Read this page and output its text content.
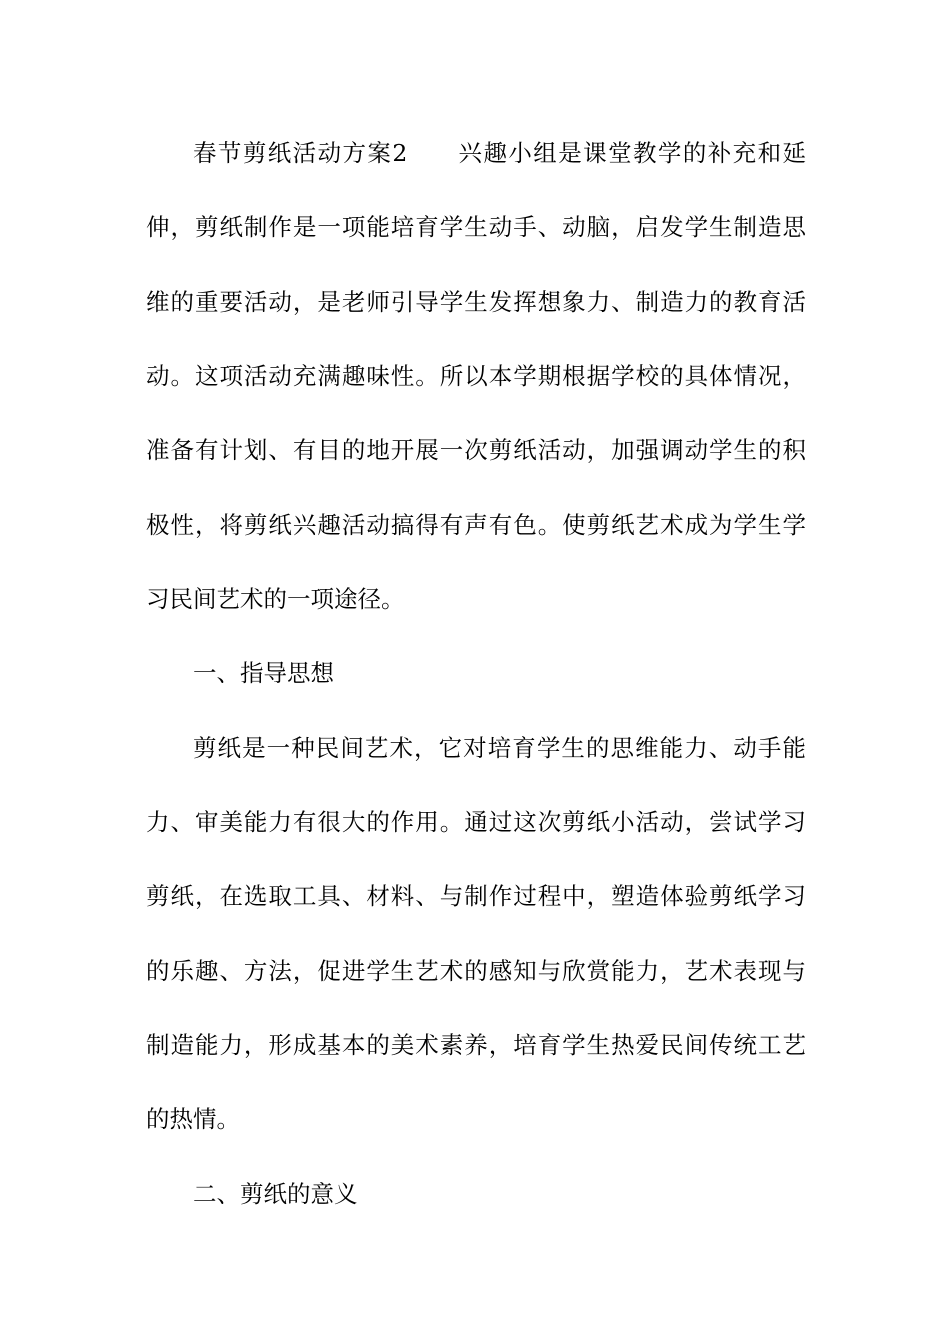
春节剪纸活动方案2　　兴趣小组是课堂教学的补充和延
伸，剪纸制作是一项能培育学生动手、动脑，启发学生制造思
维的重要活动，是老师引导学生发挥想象力、制造力的教育活
动。这项活动充满趣味性。所以本学期根据学校的具体情况，
准备有计划、有目的地开展一次剪纸活动，加强调动学生的积
极性，将剪纸兴趣活动搞得有声有色。使剪纸艺术成为学生学
习民间艺术的一项途径。
一、指导思想
剪纸是一种民间艺术，它对培育学生的思维能力、动手能
力、审美能力有很大的作用。通过这次剪纸小活动，尝试学习
剪纸，在选取工具、材料、与制作过程中，塑造体验剪纸学习
的乐趣、方法，促进学生艺术的感知与欣赏能力，艺术表现与
制造能力，形成基本的美术素养，培育学生热爱民间传统工艺
的热情。
二、剪纸的意义
